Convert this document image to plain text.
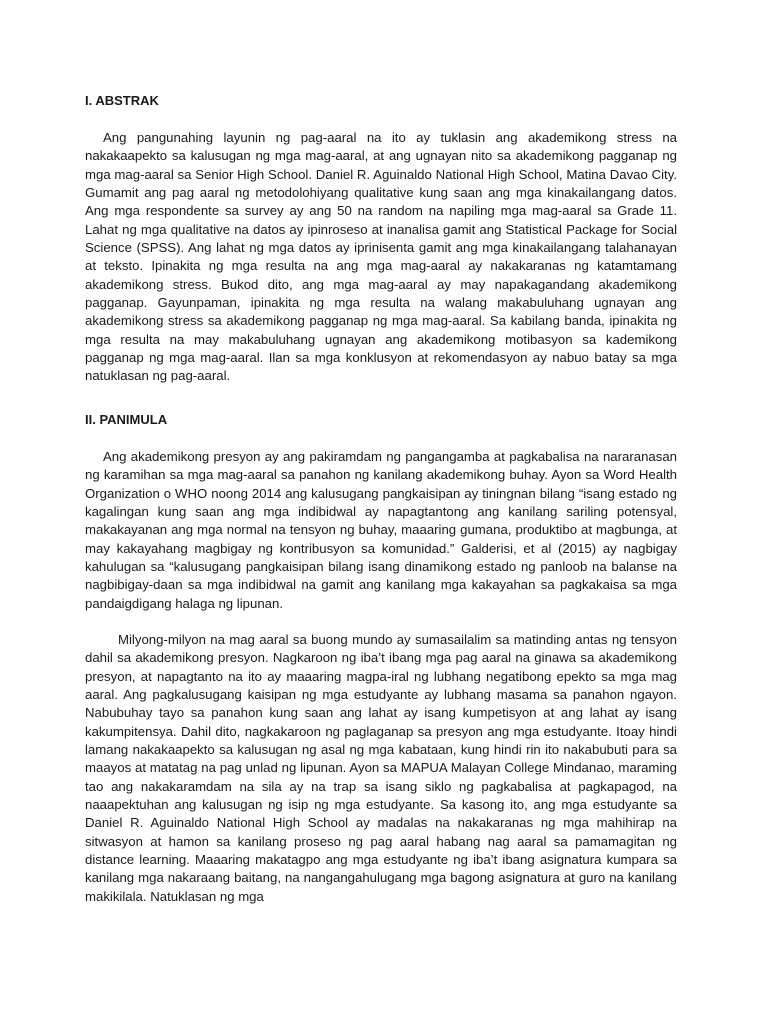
I. ABSTRAK

Ang pangunahing layunin ng pag-aaral na ito ay tuklasin ang akademikong stress na nakakaapekto sa kalusugan ng mga mag-aaral, at ang ugnayan nito sa akademikong pagganap ng mga mag-aaral sa Senior High School. Daniel R. Aguinaldo National High School, Matina Davao City. Gumamit ang pag aaral ng metodolohiyang qualitative kung saan ang mga kinakailangang datos. Ang mga respondente sa survey ay ang 50 na random na napiling mga mag-aaral sa Grade 11. Lahat ng mga qualitative na datos ay ipinroseso at inanalisa gamit ang Statistical Package for Social Science (SPSS). Ang lahat ng mga datos ay iprinisenta gamit ang mga kinakailangang talahanayan at teksto. Ipinakita ng mga resulta na ang mga mag-aaral ay nakakaranas ng katamtamang akademikong stress. Bukod dito, ang mga mag-aaral ay may napakagandang akademikong pagganap. Gayunpaman, ipinakita ng mga resulta na walang makabuluhang ugnayan ang akademikong stress sa akademikong pagganap ng mga mag-aaral. Sa kabilang banda, ipinakita ng mga resulta na may makabuluhang ugnayan ang akademikong motibasyon sa kademikong pagganap ng mga mag-aaral. Ilan sa mga konklusyon at rekomendasyon ay nabuo batay sa mga natuklasan ng pag-aaral.

II. PANIMULA

Ang akademikong presyon ay ang pakiramdam ng pangangamba at pagkabalisa na nararanasan ng karamihan sa mga mag-aaral sa panahon ng kanilang akademikong buhay. Ayon sa Word Health Organization o WHO noong 2014 ang kalusugang pangkaisipan ay tiningnan bilang “isang estado ng kagalingan kung saan ang mga indibidwal ay napagtantong ang kanilang sariling potensyal, makakayanan ang mga normal na tensyon ng buhay, maaaring gumana, produktibo at magbunga, at may kakayahang magbigay ng kontribusyon sa komunidad.” Galderisi, et al (2015) ay nagbigay kahulugan sa “kalusugang pangkaisipan bilang isang dinamikong estado ng panloob na balanse na nagbibigay-daan sa mga indibidwal na gamit ang kanilang mga kakayahan sa pagkakaisa sa mga pandaigdigang halaga ng lipunan.

Milyong-milyon na mag aaral sa buong mundo ay sumasailalim sa matinding antas ng tensyon dahil sa akademikong presyon. Nagkaroon ng iba’t ibang mga pag aaral na ginawa sa akademikong presyon, at napagtanto na ito ay maaaring magpa-iral ng lubhang negatibong epekto sa mga mag aaral. Ang pagkalusugang kaisipan ng mga estudyante ay lubhang masama sa panahon ngayon. Nabubuhay tayo sa panahon kung saan ang lahat ay isang kumpetisyon at ang lahat ay isang kakumpitensya. Dahil dito, nagkakaroon ng paglaganap sa presyon ang mga estudyante. Itoay hindi lamang nakakaapekto sa kalusugan ng asal ng mga kabataan, kung hindi rin ito nakabubuti para sa maayos at matatag na pag unlad ng lipunan. Ayon sa MAPUA Malayan College Mindanao, maraming tao ang nakakaramdam na sila ay na trap sa isang siklo ng pagkabalisa at pagkapagod, na naaapektuhan ang kalusugan ng isip ng mga estudyante. Sa kasong ito, ang mga estudyante sa Daniel R. Aguinaldo National High School ay madalas na nakakaranas ng mga mahihirap na sitwasyon at hamon sa kanilang proseso ng pag aaral habang nag aaral sa pamamagitan ng distance learning. Maaaring makatagpo ang mga estudyante ng iba’t ibang asignatura kumpara sa kanilang mga nakaraang baitang, na nangangahulugang mga bagong asignatura at guro na kanilang makikilala. Natuklasan ng mga
